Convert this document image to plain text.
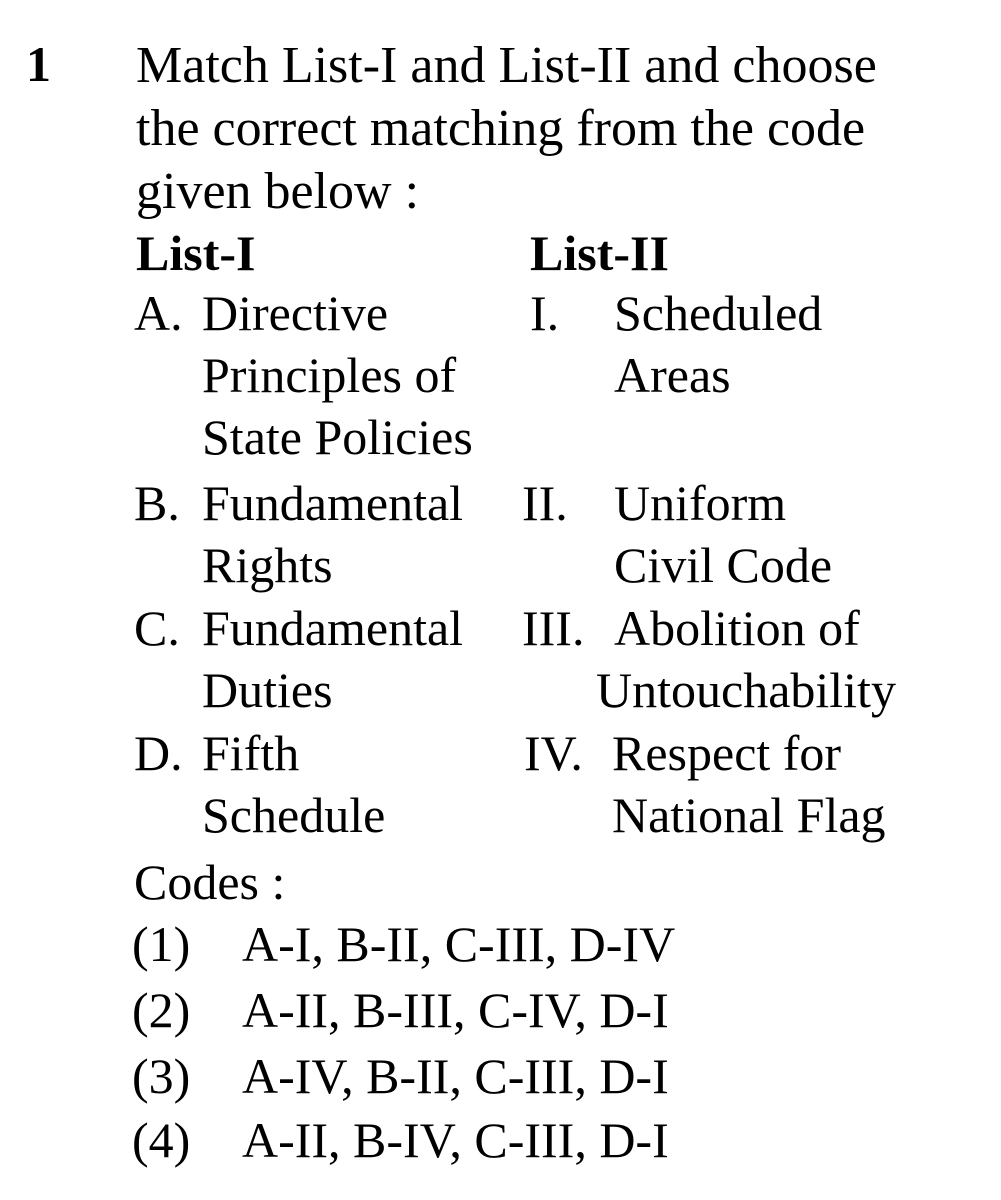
1 Match List-I and List-II and choose
the correct matching from the code
given below :
List-I	List-II
A. Directive
Principles of
State Policies
B. Fundamental
Rights
C. Fundamental
Duties
D. Fifth
Schedule
I. Scheduled
Areas
II. Uniform
Civil Code
III. Abolition of
Untouchability
IV. Respect for
National Flag
Codes :
(1) A-I, B-II, C-III, D-IV
(2) A-II, B-III, C-IV, D-I
(3) A-IV, B-II, C-III, D-I
(4) A-II, B-IV, C-III, D-I
